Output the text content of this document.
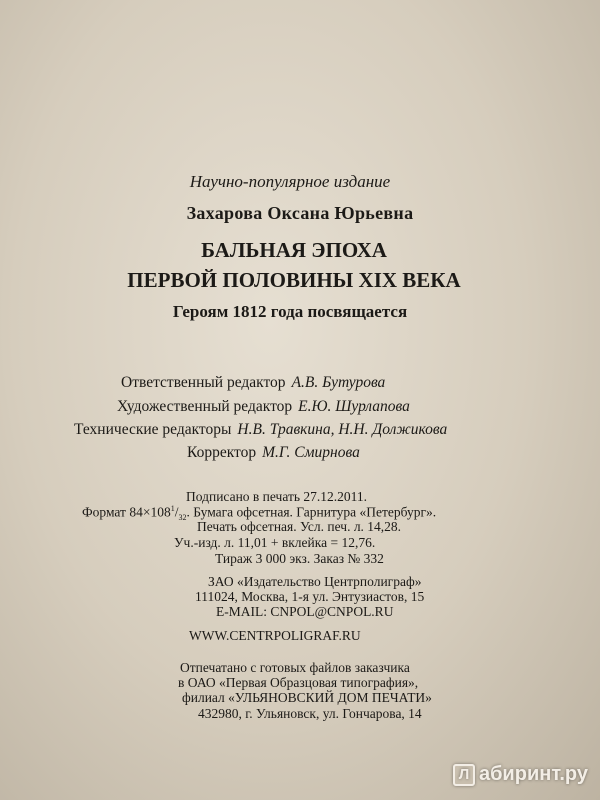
Научно-популярное издание
Захарова Оксана Юрьевна
БАЛЬНАЯ ЭПОХА
ПЕРВОЙ ПОЛОВИНЫ XIX ВЕКА
Героям 1812 года посвящается
Ответственный редактор А.В. Бутурова
Художественный редактор Е.Ю. Шурлапова
Технические редакторы Н.В. Травкина, Н.Н. Должикова
Корректор М.Г. Смирнова
Подписано в печать 27.12.2011.
Формат $84\times 108^1/_{32}$. Бумага офсетная. Гарнитура «Петербург».
Печать офсетная. Усл. печ. л. 14,28.
Уч.-изд. л. 11,01 + вклейка = 12,76.
Тираж 3 000 экз. Заказ № 332
ЗАО «Издательство Центрполиграф»
111024, Москва, 1-я ул. Энтузиастов, 15
E-MAIL: CNPOL@CNPOL.RU
WWW.CENTRPOLIGRAF.RU
Отпечатано с готовых файлов заказчика
в ОАО «Первая Образцовая типография»,
филиал «УЛЬЯНОВСКИЙ ДОМ ПЕЧАТИ»
432980, г. Ульяновск, ул. Гончарова, 14
Л абиринт.ру
